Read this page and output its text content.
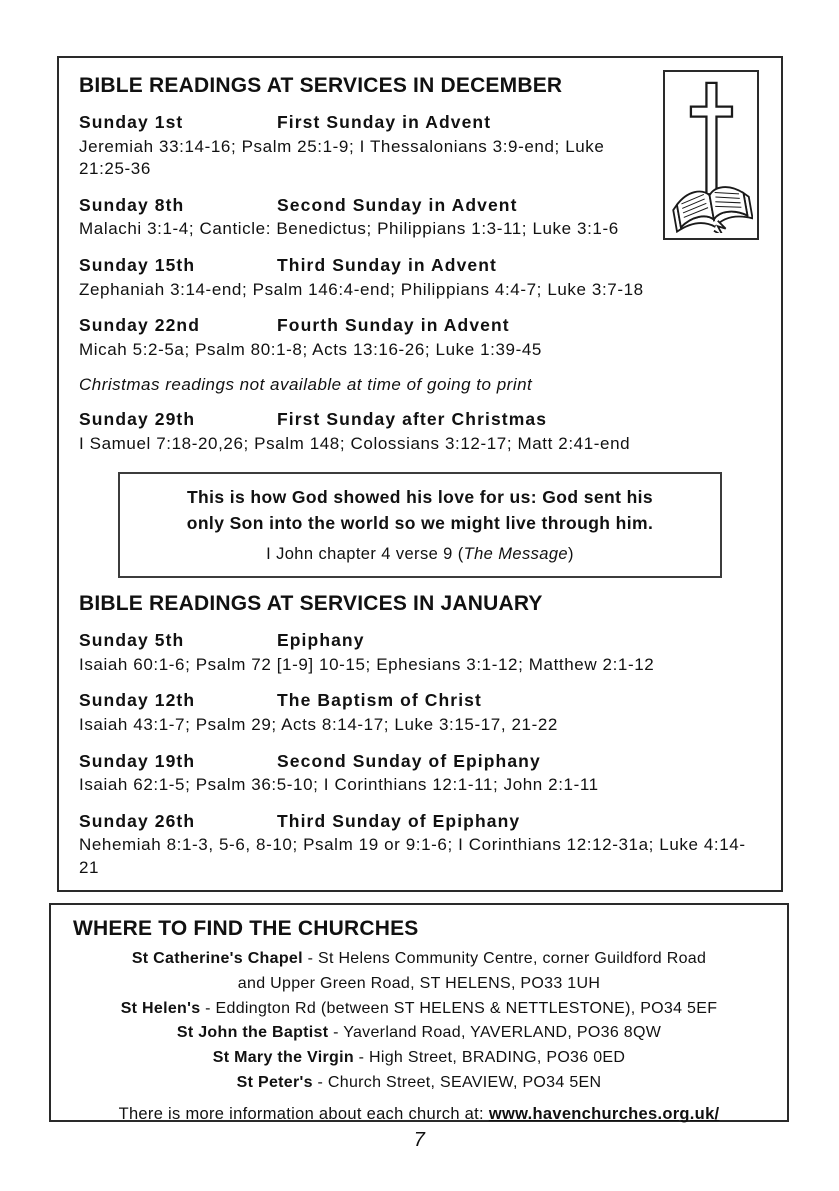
BIBLE READINGS AT SERVICES IN DECEMBER
Sunday 1st	First Sunday in Advent
Jeremiah 33:14-16; Psalm 25:1-9; I Thessalonians 3:9-end; Luke 21:25-36
Sunday 8th	Second Sunday in Advent
Malachi 3:1-4; Canticle: Benedictus; Philippians 1:3-11; Luke 3:1-6
Sunday 15th	Third Sunday in Advent
Zephaniah 3:14-end; Psalm 146:4-end; Philippians 4:4-7; Luke 3:7-18
Sunday 22nd	Fourth Sunday in Advent
Micah 5:2-5a; Psalm 80:1-8; Acts 13:16-26; Luke 1:39-45
Christmas readings not available at time of going to print
Sunday 29th	First Sunday after Christmas
I Samuel 7:18-20,26; Psalm 148; Colossians 3:12-17; Matt 2:41-end
This is how God showed his love for us: God sent his
only Son into the world so we might live through him.
I John chapter 4 verse 9 (The Message)
BIBLE READINGS AT SERVICES IN JANUARY
Sunday 5th	Epiphany
Isaiah 60:1-6; Psalm 72 [1-9] 10-15; Ephesians 3:1-12; Matthew 2:1-12
Sunday 12th	The Baptism of Christ
Isaiah 43:1-7; Psalm 29; Acts 8:14-17; Luke 3:15-17, 21-22
Sunday 19th	Second Sunday of Epiphany
Isaiah 62:1-5; Psalm 36:5-10; I Corinthians 12:1-11; John 2:1-11
Sunday 26th	Third Sunday of Epiphany
Nehemiah 8:1-3, 5-6, 8-10; Psalm 19 or 9:1-6; I Corinthians 12:12-31a; Luke 4:14-21
WHERE TO FIND THE CHURCHES
St Catherine's Chapel - St Helens Community Centre, corner Guildford Road
and Upper Green Road, ST HELENS, PO33 1UH
St Helen's - Eddington Rd (between ST HELENS & NETTLESTONE), PO34 5EF
St John the Baptist - Yaverland Road, YAVERLAND, PO36 8QW
St Mary the Virgin - High Street, BRADING, PO36 0ED
St Peter's - Church Street, SEAVIEW, PO34 5EN
There is more information about each church at: www.havenchurches.org.uk/
7
